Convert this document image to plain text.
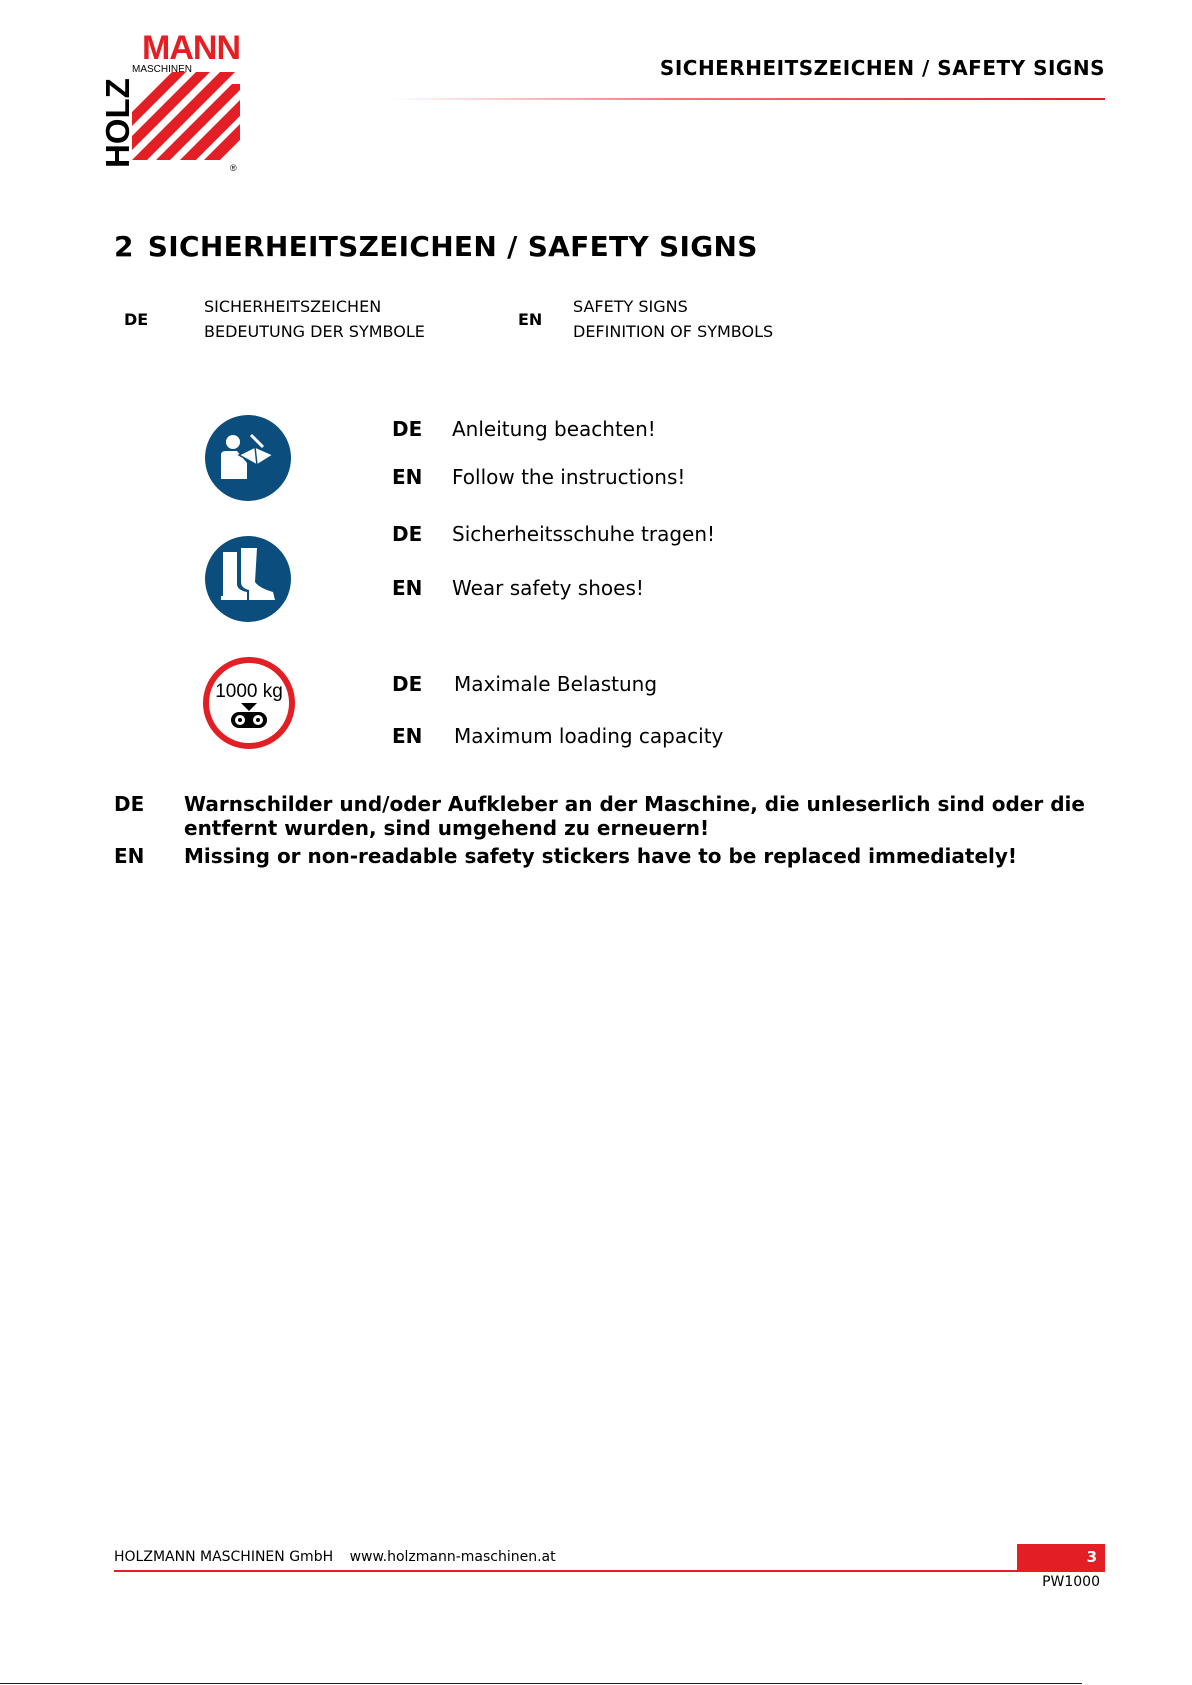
MANN
MASCHINEN
HOLZ	®
SICHERHEITSZEICHEN / SAFETY SIGNS
2 SICHERHEITSZEICHEN / SAFETY SIGNS
DE
SICHERHEITSZEICHEN
BEDEUTUNG DER SYMBOLE
EN
SAFETY SIGNS
DEFINITION OF SYMBOLS
DE Anleitung beachten!
EN Follow the instructions!
DE Sicherheitsschuhe tragen!
EN Wear safety shoes!
1000 kg	DE Maximale Belastung
EN Maximum loading capacity
DE Warnschilder und/oder Aufkleber an der Maschine, die unleserlich sind oder die entfernt wurden, sind umgehend zu erneuern!
EN Missing or non-readable safety stickers have to be replaced immediately!
HOLZMANN MASCHINEN GmbH www.holzmann-maschinen.at	3
PW1000
